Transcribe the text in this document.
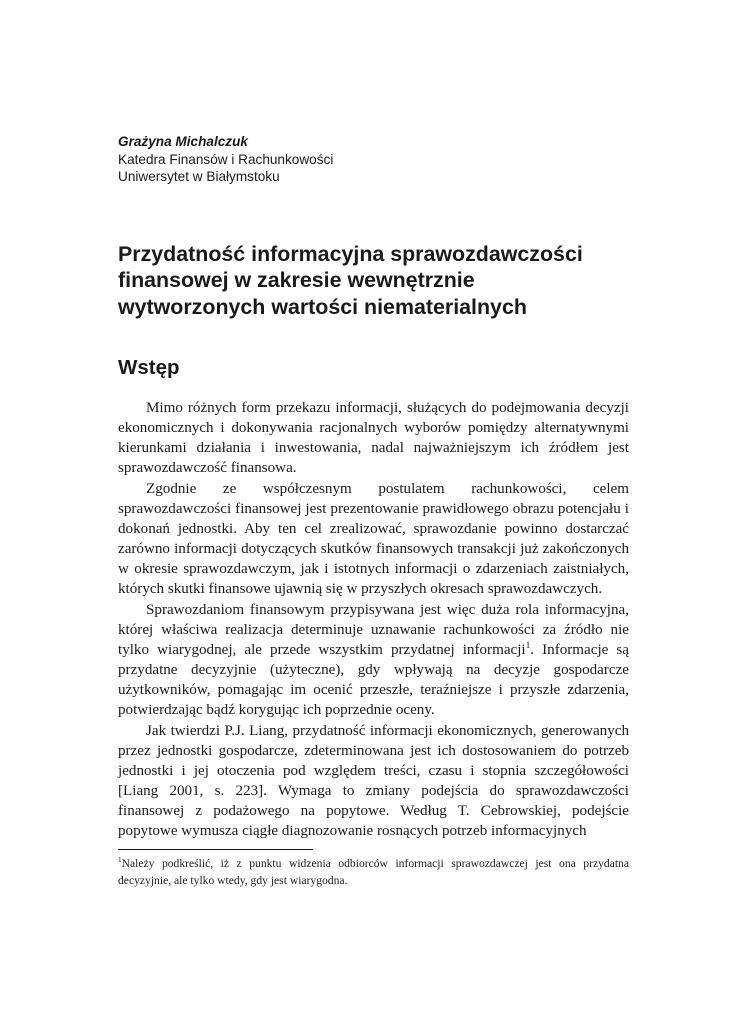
Grażyna Michalczuk
Katedra Finansów i Rachunkowości
Uniwersytet w Białymstoku
Przydatność informacyjna sprawozdawczości
finansowej w zakresie wewnętrznie
wytworzonych wartości niematerialnych
Wstęp

Mimo różnych form przekazu informacji, służących do podejmowania decyzji ekonomicznych i dokonywania racjonalnych wyborów pomiędzy alternatywnymi kierunkami działania i inwestowania, nadal najważniejszym ich źródłem jest sprawozdawczość finansowa.

Zgodnie ze współczesnym postulatem rachunkowości, celem sprawozdawczości finansowej jest prezentowanie prawidłowego obrazu potencjału i dokonań jednostki. Aby ten cel zrealizować, sprawozdanie powinno dostarczać zarówno informacji dotyczących skutków finansowych transakcji już zakończonych w okresie sprawozdawczym, jak i istotnych informacji o zdarzeniach zaistniałych, których skutki finansowe ujawnią się w przyszłych okresach sprawozdawczych.

Sprawozdaniom finansowym przypisywana jest więc duża rola informacyjna, której właściwa realizacja determinuje uznawanie rachunkowości za źródło nie tylko wiarygodnej, ale przede wszystkim przydatnej informacji$^1$. Informacje są przydatne decyzyjnie (użyteczne), gdy wpływają na decyzje gospodarcze użytkowników, pomagając im ocenić przeszłe, teraźniejsze i przyszłe zdarzenia, potwierdzając bądź korygując ich poprzednie oceny.

Jak twierdzi P.J. Liang, przydatność informacji ekonomicznych, generowanych przez jednostki gospodarcze, zdeterminowana jest ich dostosowaniem do potrzeb jednostki i jej otoczenia pod względem treści, czasu i stopnia szczegółowości [Liang 2001, s. 223]. Wymaga to zmiany podejścia do sprawozdawczości finansowej z podażowego na popytowe. Według T. Cebrowskiej, podejście popytowe wymusza ciągłe diagnozowanie rosnących potrzeb informacyjnych

$^1$Należy podkreślić, iż z punktu widzenia odbiorców informacji sprawozdawczej jest ona przydatna decyzyjnie, ale tylko wtedy, gdy jest wiarygodna.
